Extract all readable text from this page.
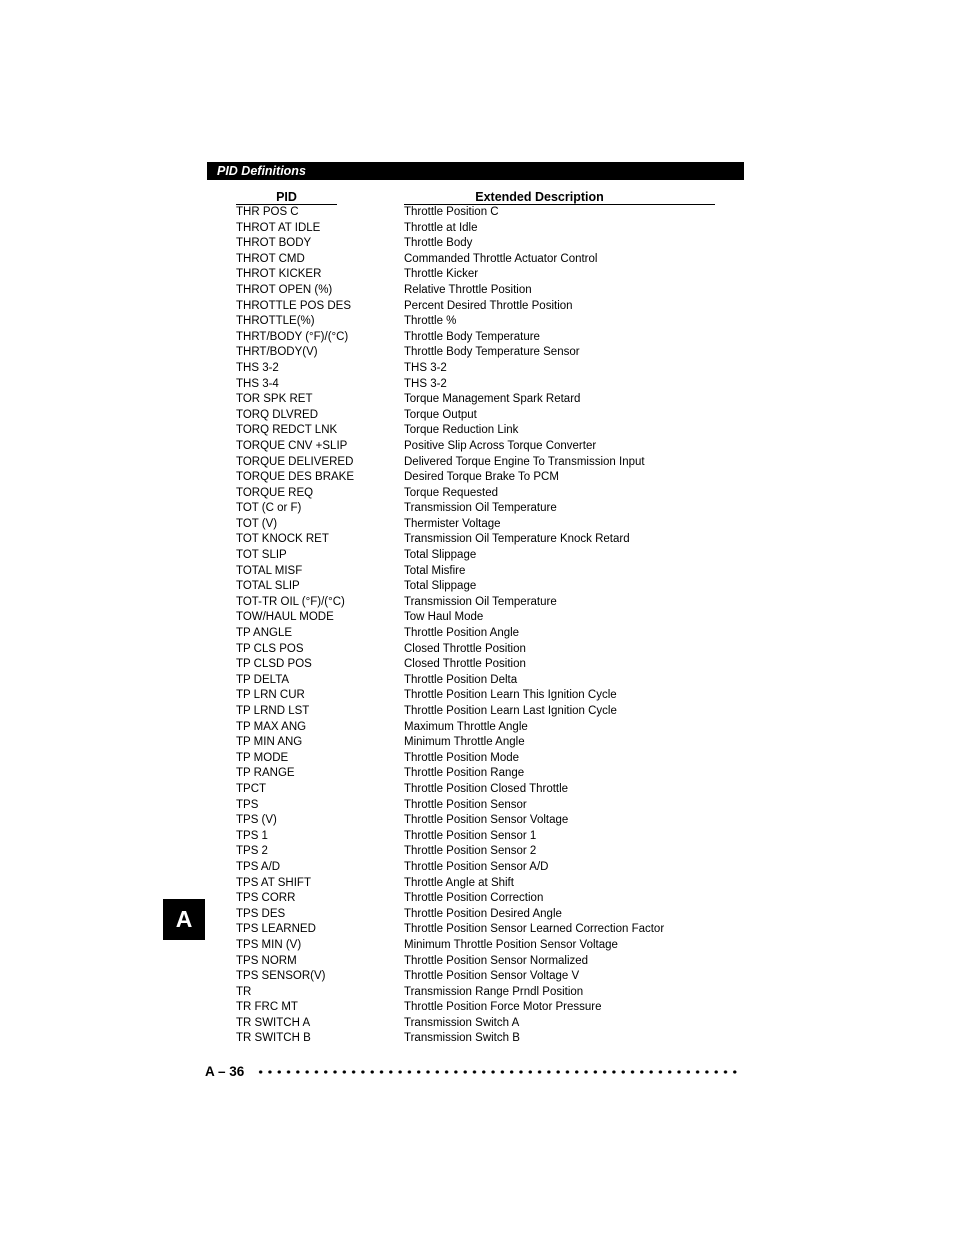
PID Definitions
PID	Extended Description
THR POS C	Throttle Position C
THROT AT IDLE	Throttle at Idle
THROT BODY	Throttle Body
THROT CMD	Commanded Throttle Actuator Control
THROT KICKER	Throttle Kicker
THROT OPEN (%)	Relative Throttle Position
THROTTLE POS DES	Percent Desired Throttle Position
THROTTLE(%)	Throttle %
THRT/BODY (°F)/(°C)	Throttle Body Temperature
THRT/BODY(V)	Throttle Body Temperature Sensor
THS 3-2	THS 3-2
THS 3-4	THS 3-2
TOR SPK RET	Torque Management Spark Retard
TORQ DLVRED	Torque Output
TORQ REDCT LNK	Torque Reduction Link
TORQUE CNV +SLIP	Positive Slip Across Torque Converter
TORQUE DELIVERED	Delivered Torque Engine To Transmission Input
TORQUE DES BRAKE	Desired Torque Brake To PCM
TORQUE REQ	Torque Requested
TOT (C or F)	Transmission Oil Temperature
TOT (V)	Thermister Voltage
TOT KNOCK RET	Transmission Oil Temperature Knock Retard
TOT SLIP	Total Slippage
TOTAL MISF	Total Misfire
TOTAL SLIP	Total Slippage
TOT-TR OIL (°F)/(°C)	Transmission Oil Temperature
TOW/HAUL MODE	Tow Haul Mode
TP ANGLE	Throttle Position Angle
TP CLS POS	Closed Throttle Position
TP CLSD POS	Closed Throttle Position
TP DELTA	Throttle Position Delta
TP LRN CUR	Throttle Position Learn This Ignition Cycle
TP LRND LST	Throttle Position Learn Last Ignition Cycle
TP MAX ANG	Maximum Throttle Angle
TP MIN ANG	Minimum Throttle Angle
TP MODE	Throttle Position Mode
TP RANGE	Throttle Position Range
TPCT	Throttle Position Closed Throttle
TPS	Throttle Position Sensor
TPS (V)	Throttle Position Sensor Voltage
TPS 1	Throttle Position Sensor 1
TPS 2	Throttle Position Sensor 2
TPS A/D	Throttle Position Sensor A/D
TPS AT SHIFT	Throttle Angle at Shift
TPS CORR	Throttle Position Correction
TPS DES	Throttle Position Desired Angle
TPS LEARNED	Throttle Position Sensor Learned Correction Factor
TPS MIN (V)	Minimum Throttle Position Sensor Voltage
TPS NORM	Throttle Position Sensor Normalized
TPS SENSOR(V)	Throttle Position Sensor Voltage V
TR	Transmission Range Prndl Position
TR FRC MT	Throttle Position Force Motor Pressure
TR SWITCH A	Transmission Switch A
TR SWITCH B	Transmission Switch B
A
A – 36
